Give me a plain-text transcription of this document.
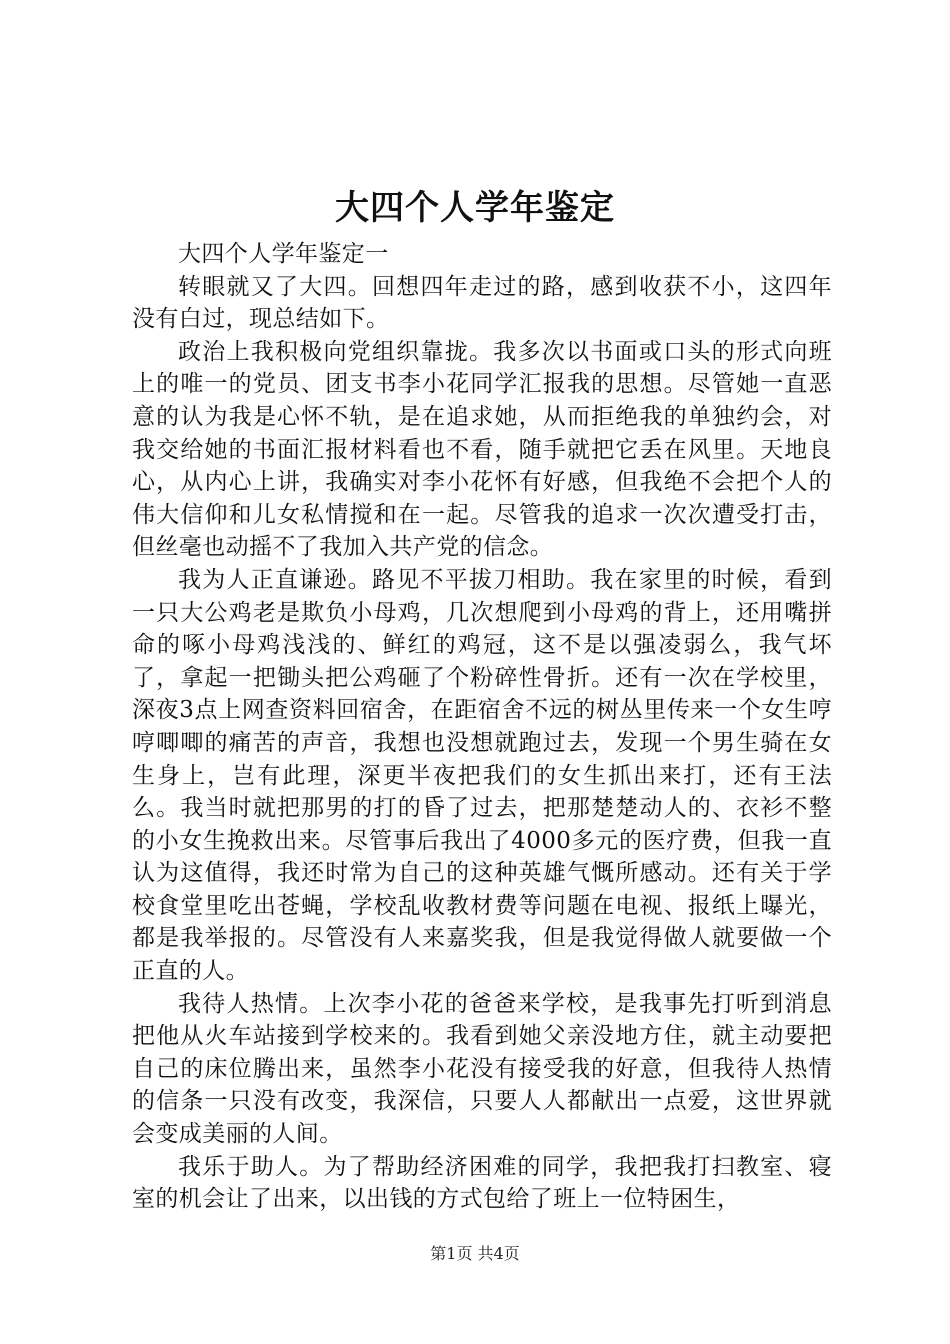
大四个人学年鉴定

大四个人学年鉴定一

转眼就又了大四。回想四年走过的路，感到收获不小，这四年没有白过，现总结如下。

政治上我积极向党组织靠拢。我多次以书面或口头的形式向班上的唯一的党员、团支书李小花同学汇报我的思想。尽管她一直恶意的认为我是心怀不轨，是在追求她，从而拒绝我的单独约会，对我交给她的书面汇报材料看也不看，随手就把它丢在风里。天地良心，从内心上讲，我确实对李小花怀有好感，但我绝不会把个人的伟大信仰和儿女私情搅和在一起。尽管我的追求一次次遭受打击，但丝毫也动摇不了我加入共产党的信念。

我为人正直谦逊。路见不平拔刀相助。我在家里的时候，看到一只大公鸡老是欺负小母鸡，几次想爬到小母鸡的背上，还用嘴拼命的啄小母鸡浅浅的、鲜红的鸡冠，这不是以强凌弱么，我气坏了，拿起一把锄头把公鸡砸了个粉碎性骨折。还有一次在学校里，深夜3点上网查资料回宿舍，在距宿舍不远的树丛里传来一个女生哼哼唧唧的痛苦的声音，我想也没想就跑过去，发现一个男生骑在女生身上，岂有此理，深更半夜把我们的女生抓出来打，还有王法么。我当时就把那男的打的昏了过去，把那楚楚动人的、衣衫不整的小女生挽救出来。尽管事后我出了4000多元的医疗费，但我一直认为这值得，我还时常为自己的这种英雄气慨所感动。还有关于学校食堂里吃出苍蝇，学校乱收教材费等问题在电视、报纸上曝光，都是我举报的。尽管没有人来嘉奖我，但是我觉得做人就要做一个正直的人。

我待人热情。上次李小花的爸爸来学校，是我事先打听到消息把他从火车站接到学校来的。我看到她父亲没地方住，就主动要把自己的床位腾出来，虽然李小花没有接受我的好意，但我待人热情的信条一只没有改变，我深信，只要人人都献出一点爱，这世界就会变成美丽的人间。

我乐于助人。为了帮助经济困难的同学，我把我打扫教室、寝室的机会让了出来，以出钱的方式包给了班上一位特困生，

第1页 共4页
